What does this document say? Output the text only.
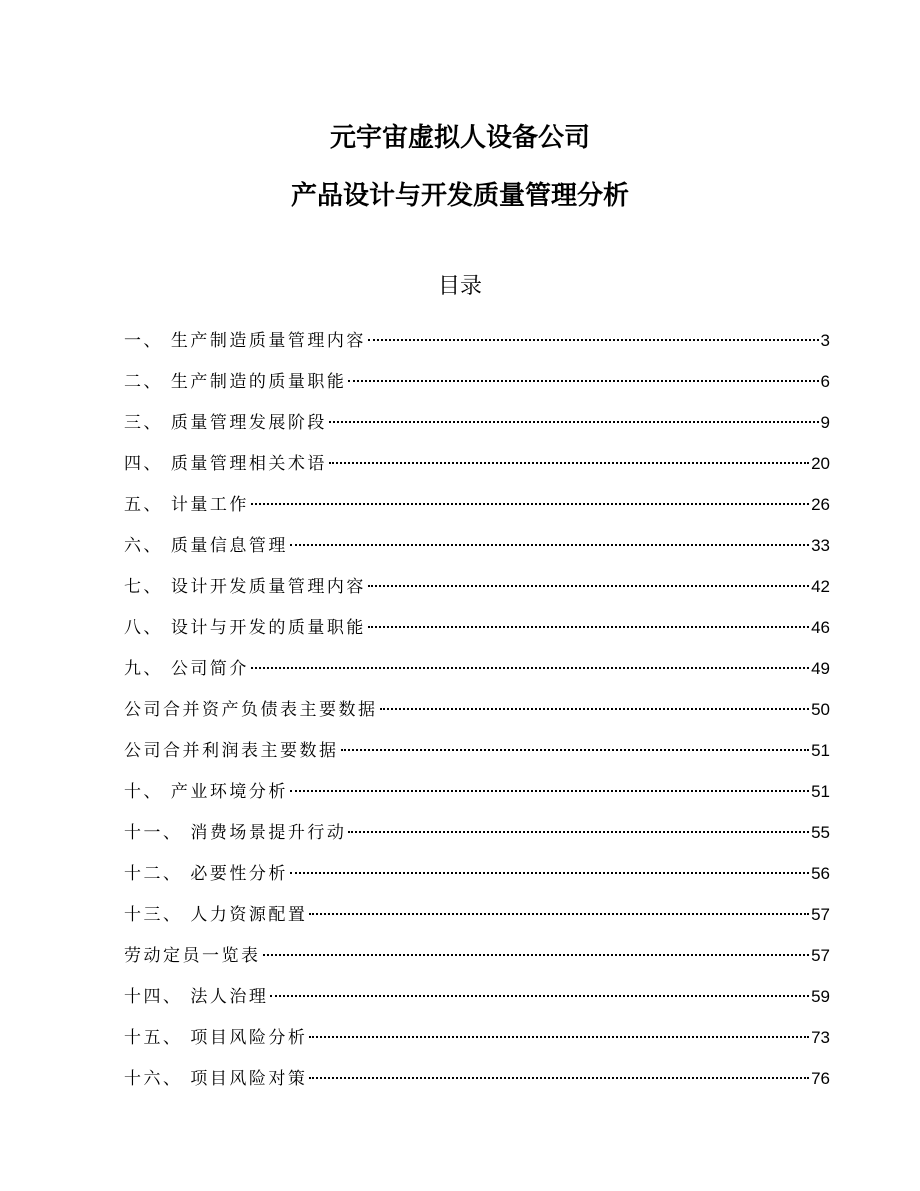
元宇宙虚拟人设备公司
产品设计与开发质量管理分析
目录
一、 生产制造质量管理内容	3
二、 生产制造的质量职能	6
三、 质量管理发展阶段	9
四、 质量管理相关术语	20
五、 计量工作	26
六、 质量信息管理	33
七、 设计开发质量管理内容	42
八、 设计与开发的质量职能	46
九、 公司简介	49
公司合并资产负债表主要数据	50
公司合并利润表主要数据	51
十、 产业环境分析	51
十一、 消费场景提升行动	55
十二、 必要性分析	56
十三、 人力资源配置	57
劳动定员一览表	57
十四、 法人治理	59
十五、 项目风险分析	73
十六、 项目风险对策	76
